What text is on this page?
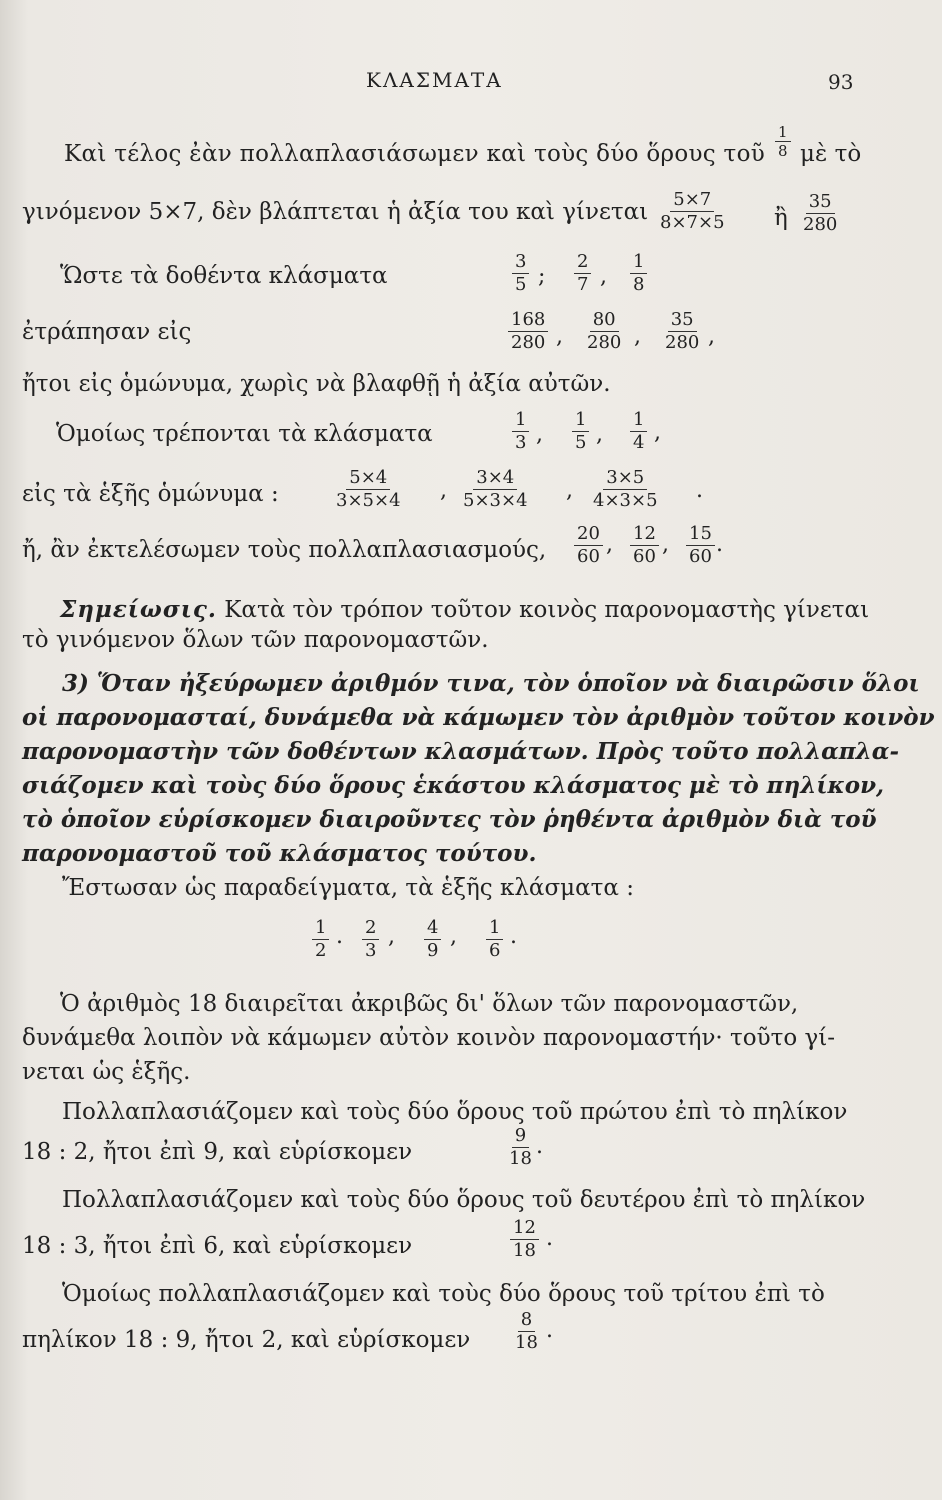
ΚΛΑΣΜΑΤΑ	93
Καὶ τέλος ἐὰν πολλαπλασιάσωμεν καὶ τοὺς δύο ὅρους τοῦ $\frac{1}{8}$ μὲ τὸ
γινόμενον 5×7, δὲν βλάπτεται ἡ ἀξία του καὶ γίνεται $\frac{5\times 7}{8\times 7\times 5}$ ἢ $\frac{35}{280}$
Ὥστε τὰ δοθέντα κλάσματα	$\frac{3}{5}$ ; $\frac{2}{7}$ , $\frac{1}{8}$
ἐτράπησαν εἰς	$\frac{168}{280}$ , $\frac{80}{280}$ , $\frac{35}{280}$ ,
ἤτοι εἰς ὁμώνυμα, χωρὶς νὰ βλαφθῇ ἡ ἀξία αὐτῶν.
Ὁμοίως τρέπονται τὰ κλάσματα	$\frac{1}{3}$ , $\frac{1}{5}$ , $\frac{1}{4}$ ,
εἰς τὰ ἑξῆς ὁμώνυμα :	$\frac{5\times 4}{3\times 5\times 4}$ , $\frac{3\times 4}{5\times 3\times 4}$ , $\frac{3\times 5}{4\times 3\times 5}$ .
ἤ, ἂν ἐκτελέσωμεν τοὺς πολλαπλασιασμούς, $\frac{20}{60}$ , $\frac{12}{60}$ , $\frac{15}{60}$ .
Σημείωσις. Κατὰ τὸν τρόπον τοῦτον κοινὸς παρονομαστὴς γίνεται
τὸ γινόμενον ὅλων τῶν παρονομαστῶν.
3) Ὅταν ἠξεύρωμεν ἀριθμόν τινα, τὸν ὁποῖον νὰ διαιρῶσιν ὅλοι
οἱ παρονομασταί, δυνάμεθα νὰ κάμωμεν τὸν ἀριθμὸν τοῦτον κοινὸν
παρονομαστὴν τῶν δοθέντων κλασμάτων. Πρὸς τοῦτο πολλαπλα-
σιάζομεν καὶ τοὺς δύο ὅρους ἑκάστου κλάσματος μὲ τὸ πηλίκον,
τὸ ὁποῖον εὑρίσκομεν διαιροῦντες τὸν ῥηθέντα ἀριθμὸν διὰ τοῦ
παρονομαστοῦ τοῦ κλάσματος τούτου.
Ἔστωσαν ὡς παραδείγματα, τὰ ἑξῆς κλάσματα :
$\frac{1}{2}$ . $\frac{2}{3}$ , $\frac{4}{9}$ , $\frac{1}{6}$ .
Ὁ ἀριθμὸς 18 διαιρεῖται ἀκριβῶς δι' ὅλων τῶν παρονομαστῶν,
δυνάμεθα λοιπὸν νὰ κάμωμεν αὐτὸν κοινὸν παρονομαστήν· τοῦτο γί-
νεται ὡς ἑξῆς.
Πολλαπλασιάζομεν καὶ τοὺς δύο ὅρους τοῦ πρώτου ἐπὶ τὸ πηλίκον
18 : 2, ἤτοι ἐπὶ 9, καὶ εὑρίσκομεν	$\frac{9}{18}$ .
Πολλαπλασιάζομεν καὶ τοὺς δύο ὅρους τοῦ δευτέρου ἐπὶ τὸ πηλίκον
18 : 3, ἤτοι ἐπὶ 6, καὶ εὑρίσκομεν	$\frac{12}{18}$ .
Ὁμοίως πολλαπλασιάζομεν καὶ τοὺς δύο ὅρους τοῦ τρίτου ἐπὶ τὸ
πηλίκον 18 : 9, ἤτοι 2, καὶ εὑρίσκομεν $\frac{8}{18}$ .
